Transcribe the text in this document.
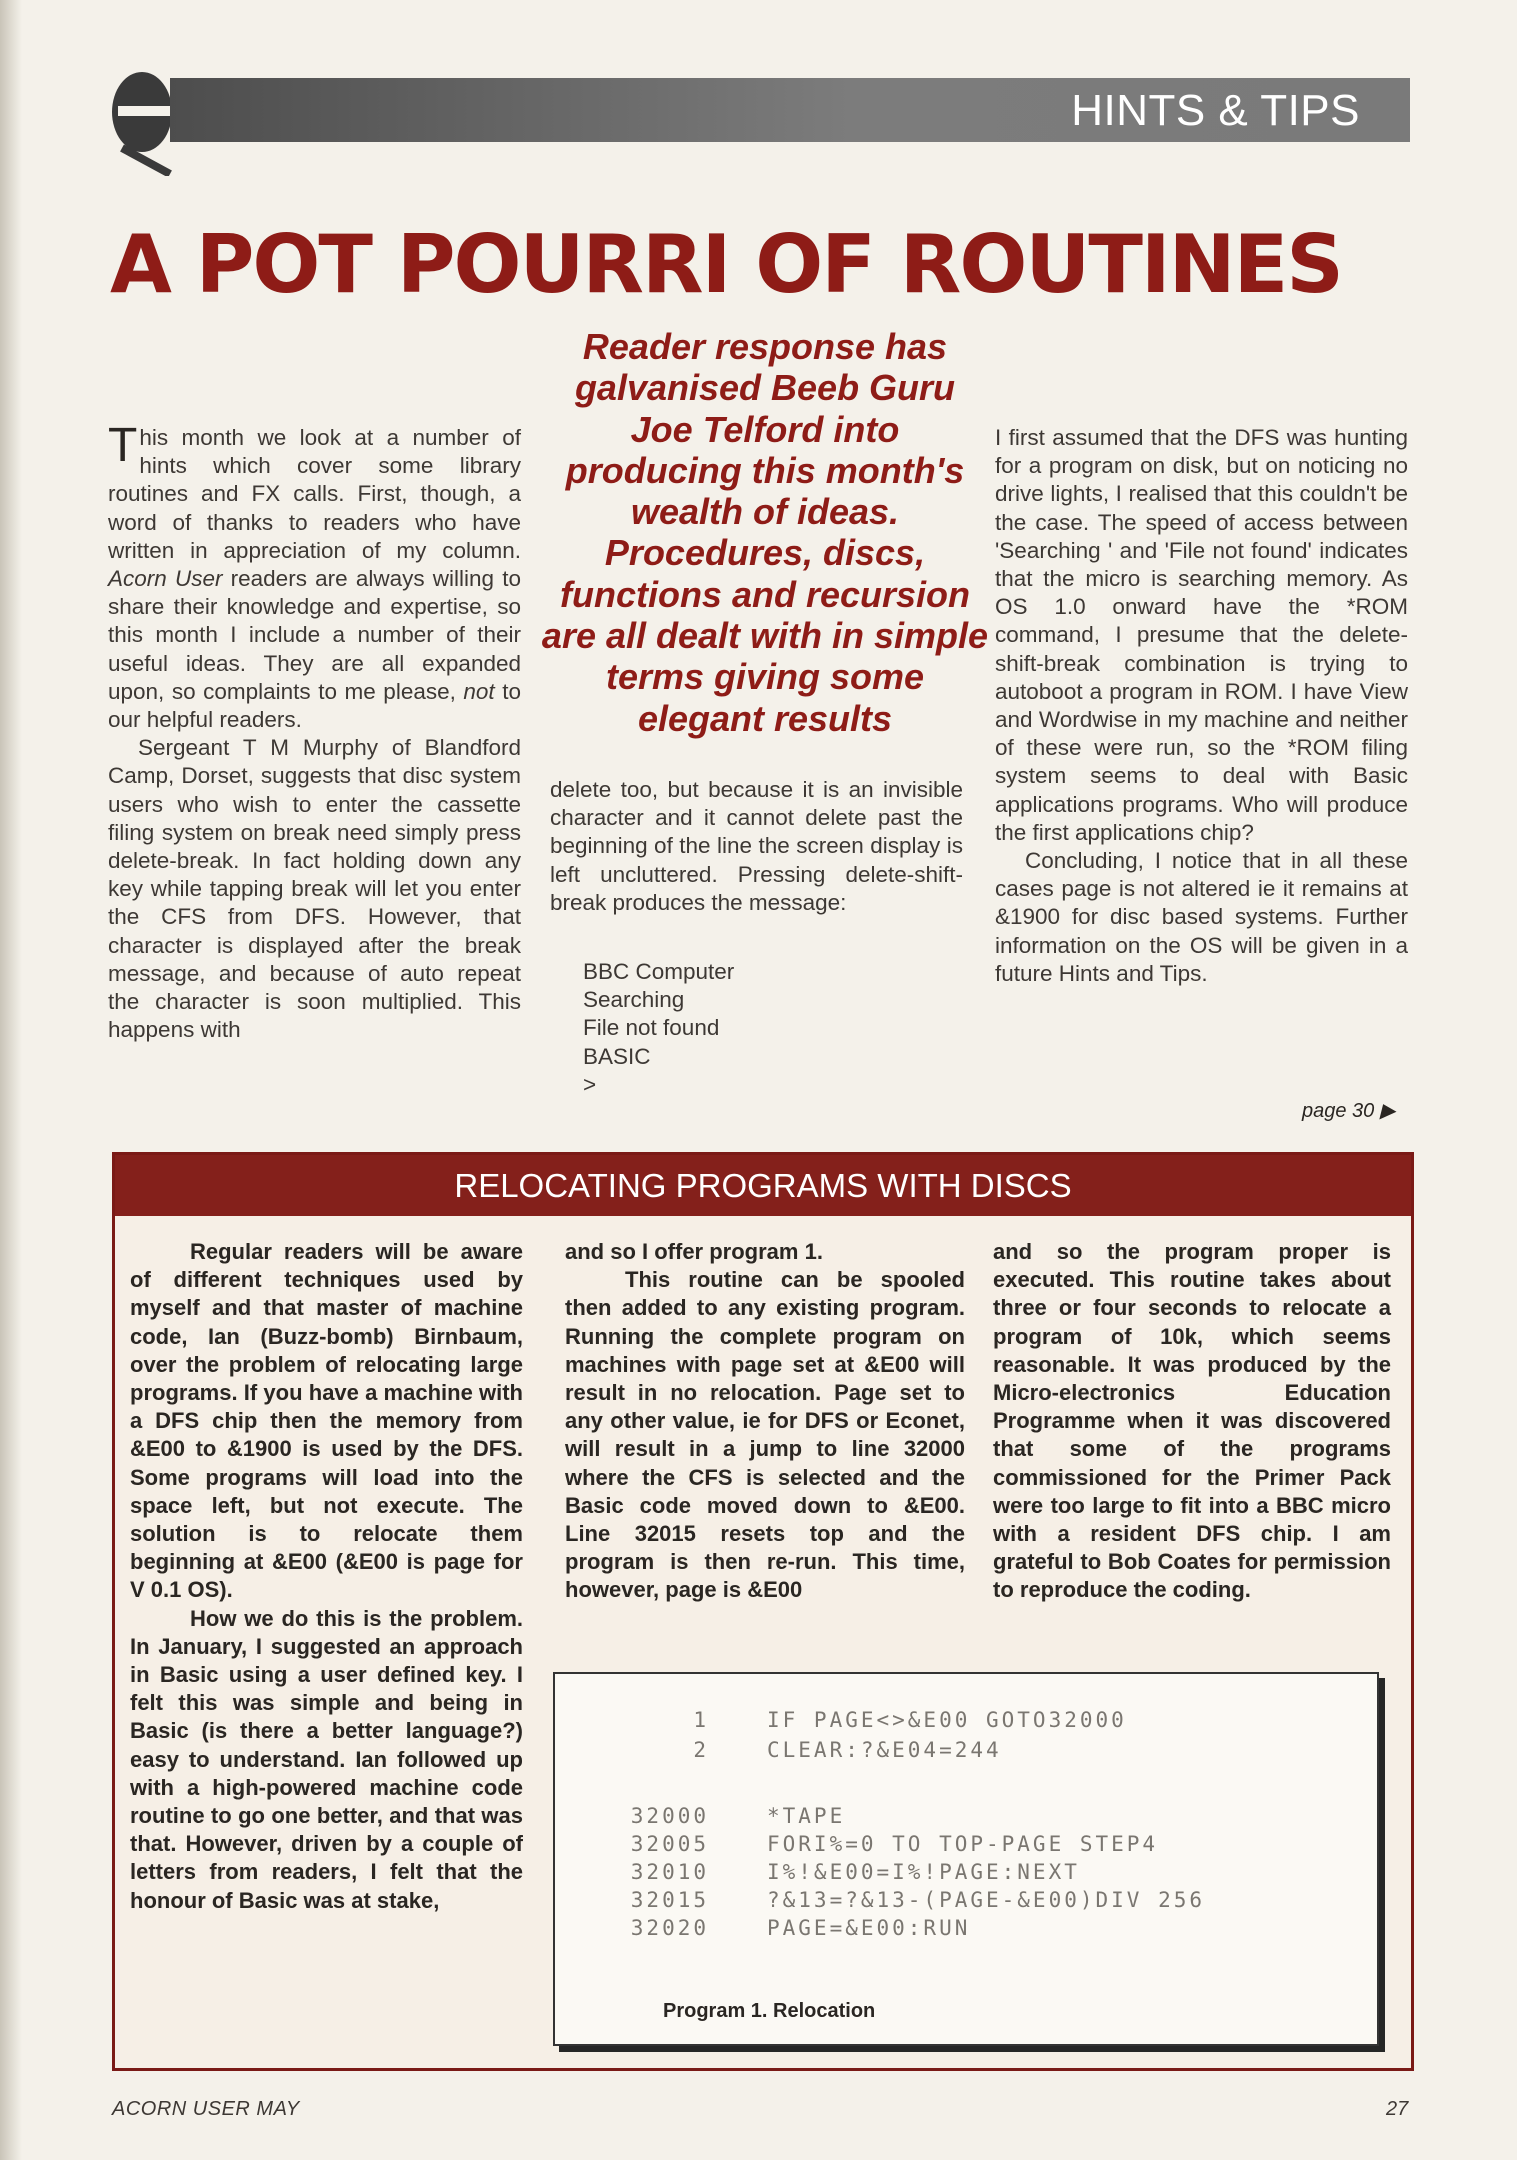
HINTS & TIPS
A POT POURRI OF ROUTINES

This month we look at a number of hints which cover some library routines and FX calls. First, though, a word of thanks to readers who have written in appreciation of my column. Acorn User readers are always willing to share their knowledge and expertise, so this month I include a number of their useful ideas. They are all expanded upon, so complaints to me please, not to our helpful readers.

Sergeant T M Murphy of Blandford Camp, Dorset, suggests that disc system users who wish to enter the cassette filing system on break need simply press delete-break. In fact holding down any key while tapping break will let you enter the CFS from DFS. However, that character is displayed after the break message, and because of auto repeat the character is soon multiplied. This happens with

Reader response has galvanised Beeb Guru Joe Telford into producing this month's wealth of ideas. Procedures, discs, functions and recursion are all dealt with in simple terms giving some elegant results

delete too, but because it is an invisible character and it cannot delete past the beginning of the line the screen display is left uncluttered. Pressing delete-shift-break produces the message:

BBC Computer
Searching
File not found
BASIC
>

I first assumed that the DFS was hunting for a program on disk, but on noticing no drive lights, I realised that this couldn't be the case. The speed of access between 'Searching ' and 'File not found' indicates that the micro is searching memory. As OS 1.0 onward have the *ROM command, I presume that the delete-shift-break combination is trying to autoboot a program in ROM. I have View and Wordwise in my machine and neither of these were run, so the *ROM filing system seems to deal with Basic applications programs. Who will produce the first applications chip?

Concluding, I notice that in all these cases page is not altered ie it remains at &1900 for disc based systems. Further information on the OS will be given in a future Hints and Tips.

page 30 ▶
RELOCATING PROGRAMS WITH DISCS

Regular readers will be aware of different techniques used by myself and that master of machine code, Ian (Buzz-bomb) Birnbaum, over the problem of relocating large programs. If you have a machine with a DFS chip then the memory from &E00 to &1900 is used by the DFS. Some programs will load into the space left, but not execute. The solution is to relocate them beginning at &E00 (&E00 is page for V 0.1 OS).

How we do this is the problem. In January, I suggested an approach in Basic using a user defined key. I felt this was simple and being in Basic (is there a better language?) easy to understand. Ian followed up with a high-powered machine code routine to go one better, and that was that. However, driven by a couple of letters from readers, I felt that the honour of Basic was at stake,

and so I offer program 1.

This routine can be spooled then added to any existing program. Running the complete program on machines with page set at &E00 will result in no relocation. Page set to any other value, ie for DFS or Econet, will result in a jump to line 32000 where the CFS is selected and the Basic code moved down to &E00. Line 32015 resets top and the program is then re-run. This time, however, page is &E00

and so the program proper is executed. This routine takes about three or four seconds to relocate a program of 10k, which seems reasonable. It was produced by the Micro-electronics Education Programme when it was discovered that some of the programs commissioned for the Primer Pack were too large to fit into a BBC micro with a resident DFS chip. I am grateful to Bob Coates for permission to reproduce the coding.

1	IF PAGE<>&E00 GOTO32000
2	CLEAR:?&E04=244
32000	*TAPE
32005	FORI%=0 TO TOP-PAGE STEP4
32010	I%!&E00=I%!PAGE:NEXT
32015	?&13=?&13-(PAGE-&E00)DIV 256
32020	PAGE=&E00:RUN
Program 1. Relocation
ACORN USER MAY	27
